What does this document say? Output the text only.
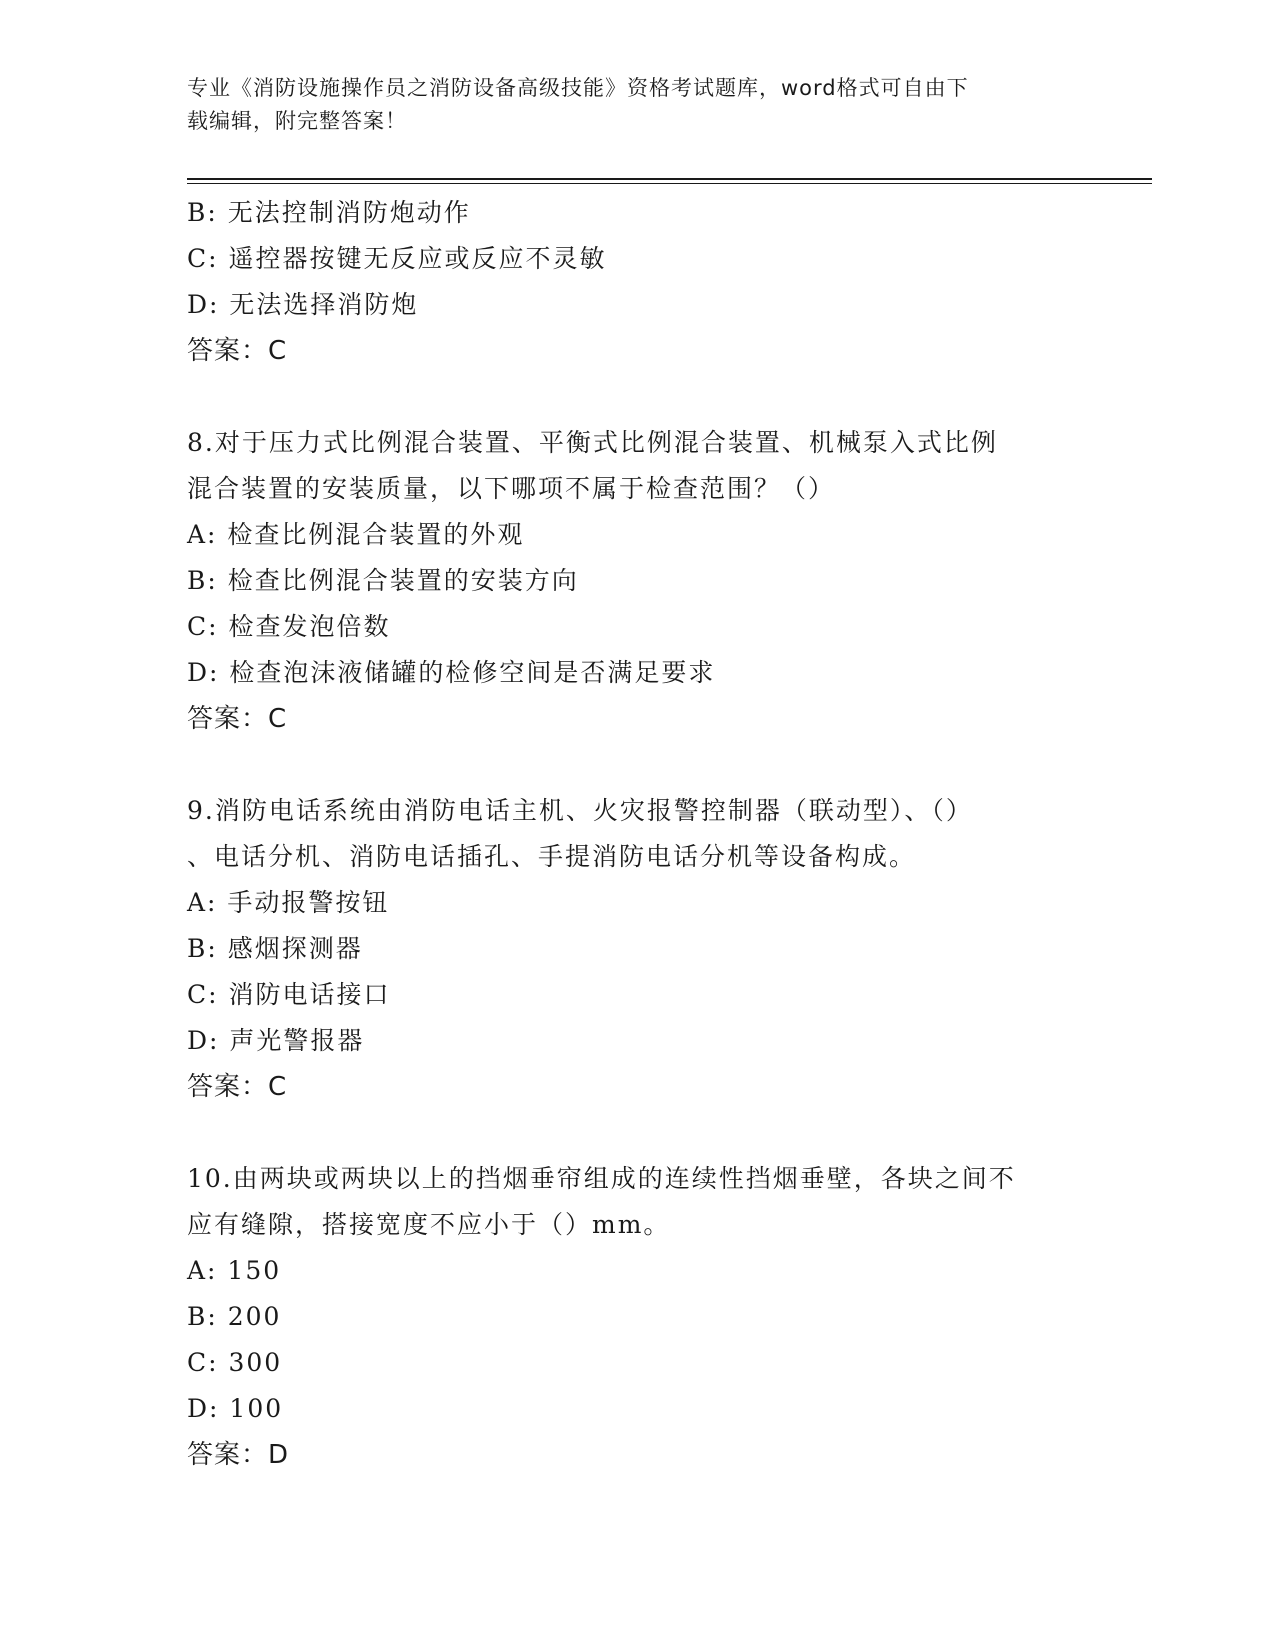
专业《消防设施操作员之消防设备高级技能》资格考试题库，word格式可自由下
载编辑，附完整答案！
B: 无法控制消防炮动作
C: 遥控器按键无反应或反应不灵敏
D: 无法选择消防炮
答案：C
8.对于压力式比例混合装置、平衡式比例混合装置、机械泵入式比例
混合装置的安装质量，以下哪项不属于检查范围？（）
A: 检查比例混合装置的外观
B: 检查比例混合装置的安装方向
C: 检查发泡倍数
D: 检查泡沫液储罐的检修空间是否满足要求
答案：C
9.消防电话系统由消防电话主机、火灾报警控制器（联动型）、（）
、电话分机、消防电话插孔、手提消防电话分机等设备构成。
A: 手动报警按钮
B: 感烟探测器
C: 消防电话接口
D: 声光警报器
答案：C
10.由两块或两块以上的挡烟垂帘组成的连续性挡烟垂壁，各块之间不
应有缝隙，搭接宽度不应小于（）mm。
A: 150
B: 200
C: 300
D: 100
答案：D
